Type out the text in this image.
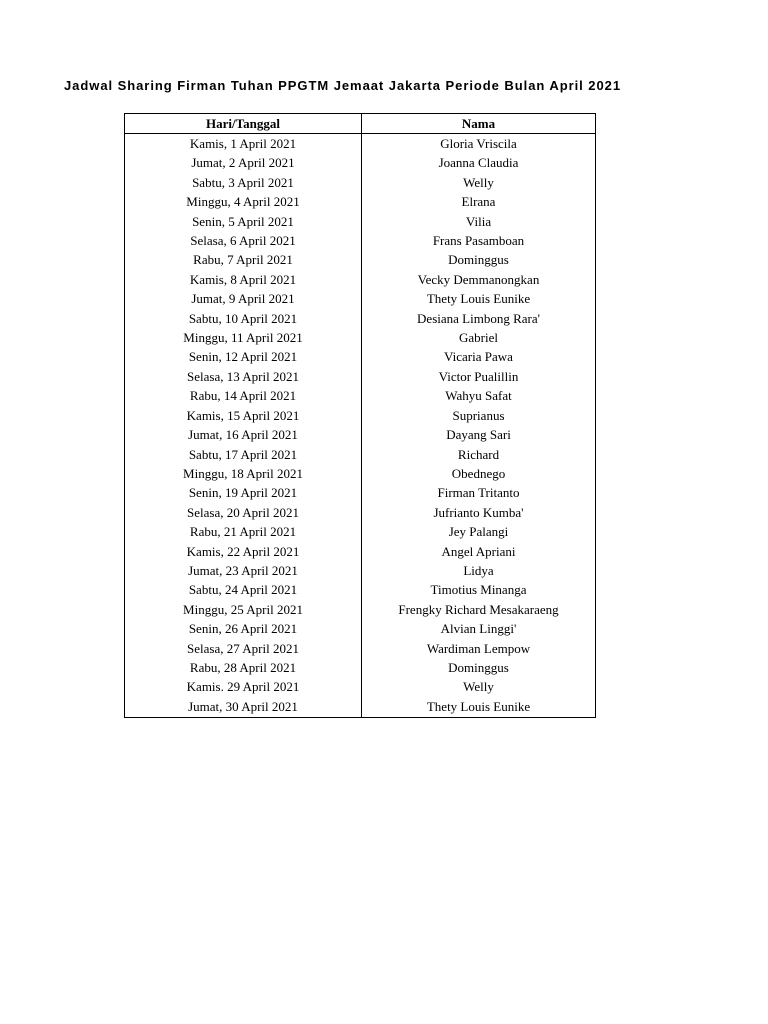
Jadwal Sharing Firman Tuhan PPGTM Jemaat Jakarta Periode Bulan April 2021
Hari/Tanggal	Nama
Kamis, 1 April 2021	Gloria Vriscila
Jumat, 2 April 2021	Joanna Claudia
Sabtu, 3 April 2021	Welly
Minggu, 4 April 2021	Elrana
Senin, 5 April 2021	Vilia
Selasa, 6 April 2021	Frans Pasamboan
Rabu, 7 April 2021	Dominggus
Kamis, 8 April 2021	Vecky Demmanongkan
Jumat, 9 April 2021	Thety Louis Eunike
Sabtu, 10 April 2021	Desiana Limbong Rara'
Minggu, 11 April 2021	Gabriel
Senin, 12 April 2021	Vicaria Pawa
Selasa, 13 April 2021	Victor Pualillin
Rabu, 14 April 2021	Wahyu Safat
Kamis, 15 April 2021	Suprianus
Jumat, 16 April 2021	Dayang Sari
Sabtu, 17 April 2021	Richard
Minggu, 18 April 2021	Obednego
Senin, 19 April 2021	Firman Tritanto
Selasa, 20 April 2021	Jufrianto Kumba'
Rabu, 21 April 2021	Jey Palangi
Kamis, 22 April 2021	Angel Apriani
Jumat, 23 April 2021	Lidya
Sabtu, 24 April 2021	Timotius Minanga
Minggu, 25 April 2021	Frengky Richard Mesakaraeng
Senin, 26 April 2021	Alvian Linggi'
Selasa, 27 April 2021	Wardiman Lempow
Rabu, 28 April 2021	Dominggus
Kamis. 29 April 2021	Welly
Jumat, 30 April 2021	Thety Louis Eunike
